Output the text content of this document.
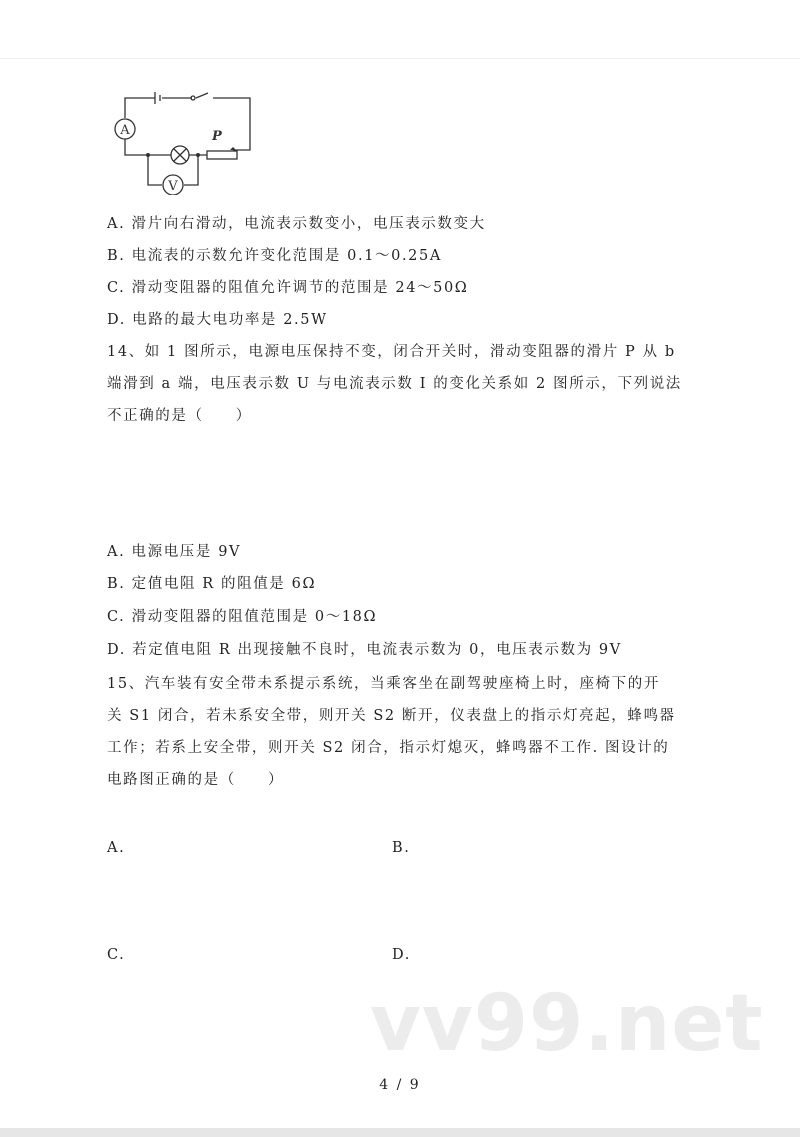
A
V
P
A. 滑片向右滑动，电流表示数变小，电压表示数变大
B. 电流表的示数允许变化范围是 0.1～0.25A
C. 滑动变阻器的阻值允许调节的范围是 24～50Ω
D. 电路的最大电功率是 2.5W
14、如 1 图所示，电源电压保持不变，闭合开关时，滑动变阻器的滑片 P 从 b
端滑到 a 端，电压表示数 U 与电流表示数 I 的变化关系如 2 图所示，下列说法
不正确的是（　　）
A. 电源电压是 9V
B. 定值电阻 R 的阻值是 6Ω
C. 滑动变阻器的阻值范围是 0～18Ω
D. 若定值电阻 R 出现接触不良时，电流表示数为 0，电压表示数为 9V
15、汽车装有安全带未系提示系统，当乘客坐在副驾驶座椅上时，座椅下的开
关 S1 闭合，若未系安全带，则开关 S2 断开，仪表盘上的指示灯亮起，蜂鸣器
工作；若系上安全带，则开关 S2 闭合，指示灯熄灭，蜂鸣器不工作. 图设计的
电路图正确的是（　　）
A.	B.
C.	D.
vv99.net
4 / 9
